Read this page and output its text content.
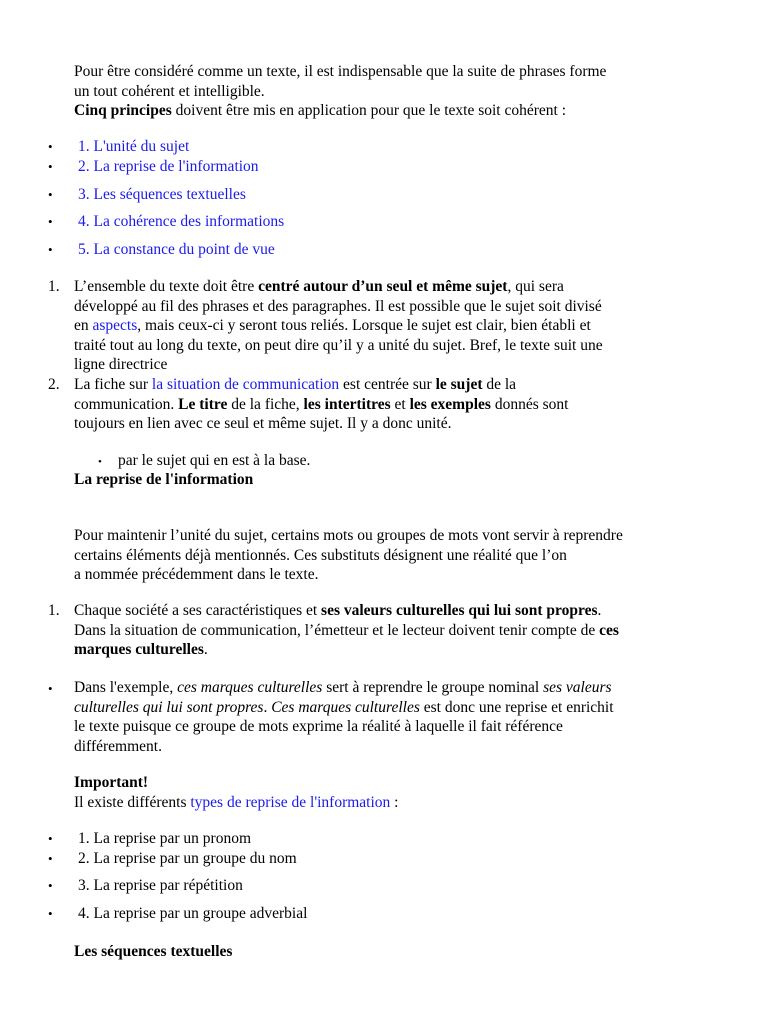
Pour être considéré comme un texte, il est indispensable que la suite de phrases forme
un tout cohérent et intelligible.
Cinq principes doivent être mis en application pour que le texte soit cohérent :
• 1. L'unité du sujet
• 2. La reprise de l'information
• 3. Les séquences textuelles
• 4. La cohérence des informations
• 5. La constance du point de vue
1. L’ensemble du texte doit être centré autour d’un seul et même sujet, qui sera
développé au fil des phrases et des paragraphes. Il est possible que le sujet soit divisé
en aspects, mais ceux-ci y seront tous reliés. Lorsque le sujet est clair, bien établi et
traité tout au long du texte, on peut dire qu’il y a unité du sujet. Bref, le texte suit une
ligne directrice
2. La fiche sur la situation de communication est centrée sur le sujet de la
communication. Le titre de la fiche, les intertitres et les exemples donnés sont
toujours en lien avec ce seul et même sujet. Il y a donc unité.
• par le sujet qui en est à la base.
La reprise de l'information
Pour maintenir l’unité du sujet, certains mots ou groupes de mots vont servir à reprendre
certains éléments déjà mentionnés. Ces substituts désignent une réalité que l’on
a nommée précédemment dans le texte.
1. Chaque société a ses caractéristiques et ses valeurs culturelles qui lui sont propres.
Dans la situation de communication, l’émetteur et le lecteur doivent tenir compte de ces
marques culturelles.
• Dans l'exemple, ces marques culturelles sert à reprendre le groupe nominal ses valeurs
culturelles qui lui sont propres. Ces marques culturelles est donc une reprise et enrichit
le texte puisque ce groupe de mots exprime la réalité à laquelle il fait référence
différemment.
Important!
Il existe différents types de reprise de l'information :
• 1. La reprise par un pronom
• 2. La reprise par un groupe du nom
• 3. La reprise par répétition
• 4. La reprise par un groupe adverbial
Les séquences textuelles
